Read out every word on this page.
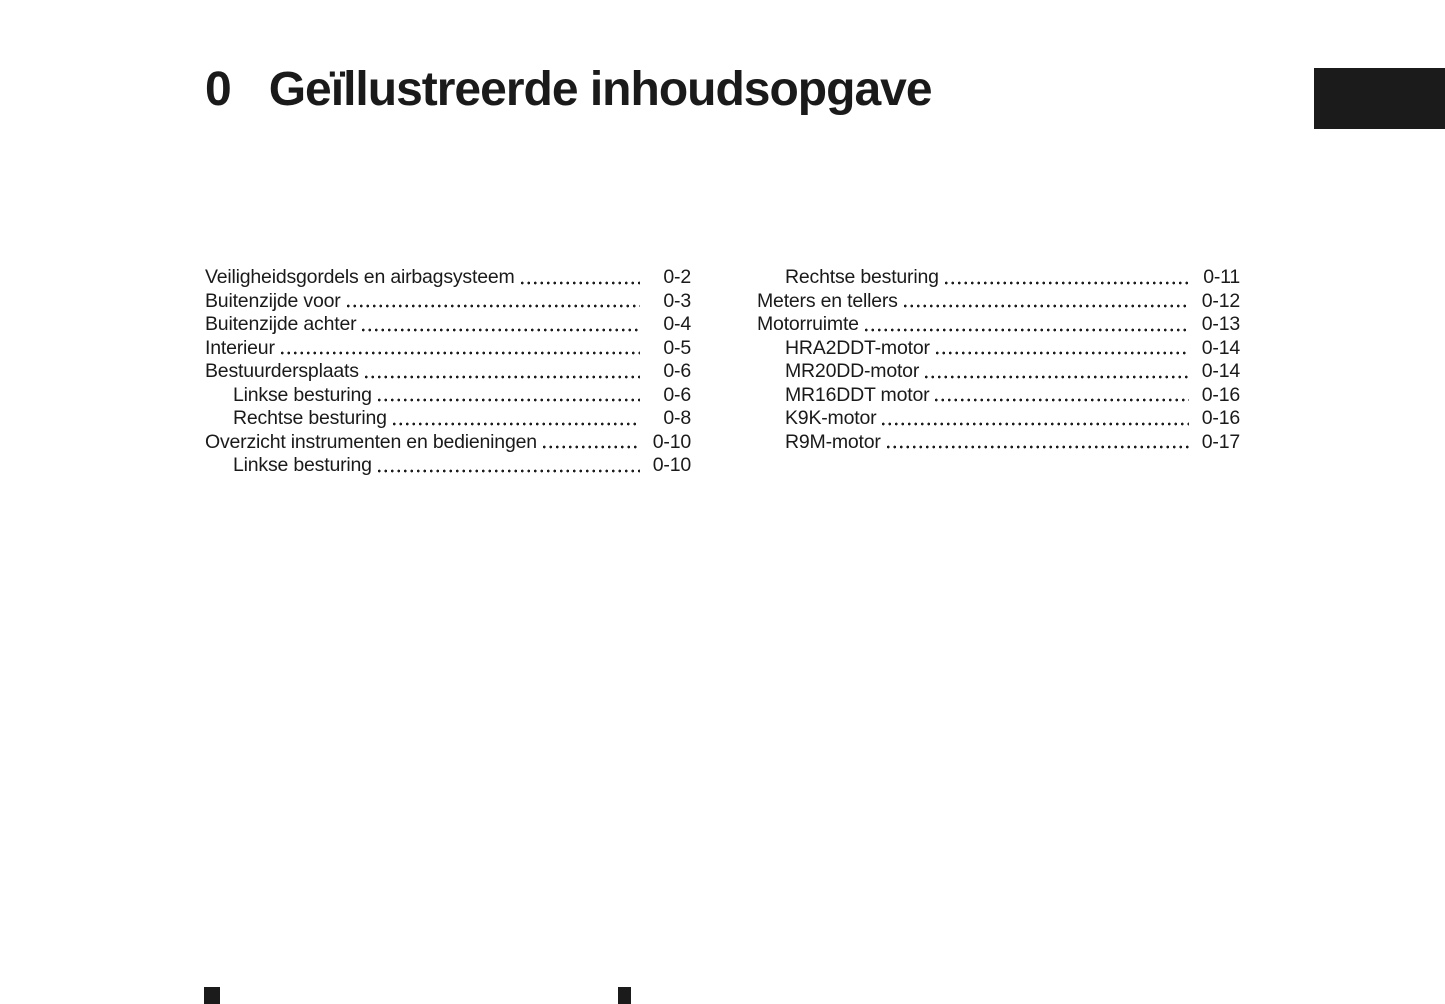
0 Geïllustreerde inhoudsopgave
Veiligheidsgordels en airbagsysteem	0-2
Buitenzijde voor	0-3
Buitenzijde achter	0-4
Interieur	0-5
Bestuurdersplaats	0-6
Linkse besturing	0-6
Rechtse besturing	0-8
Overzicht instrumenten en bedieningen	0-10
Linkse besturing	0-10
Rechtse besturing	0-11
Meters en tellers	0-12
Motorruimte	0-13
HRA2DDT-motor	0-14
MR20DD-motor	0-14
MR16DDT motor	0-16
K9K-motor	0-16
R9M-motor	0-17
